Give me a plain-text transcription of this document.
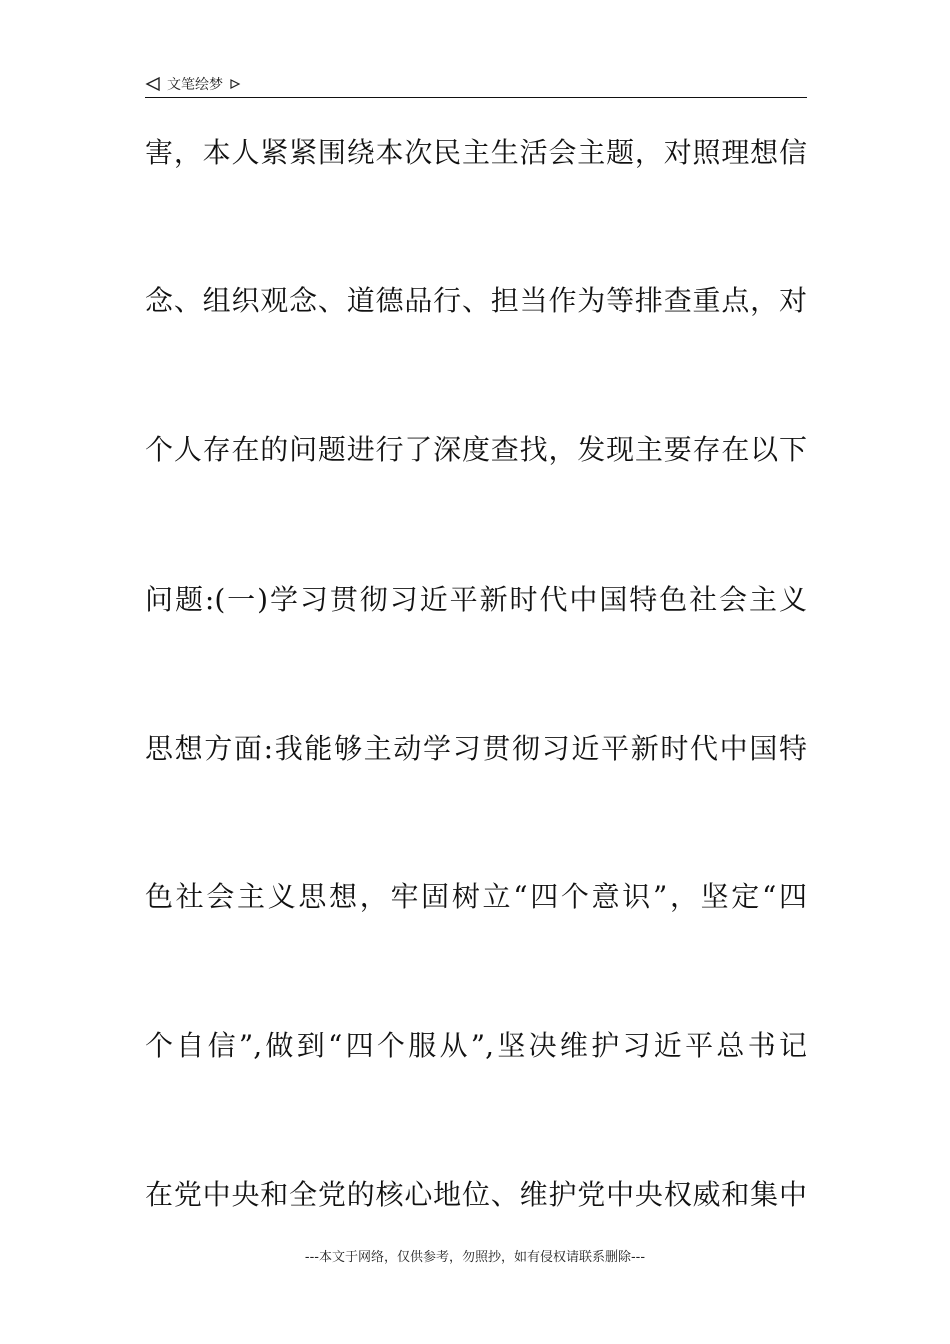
文笔绘梦
害，本人紧紧围绕本次民主生活会主题，对照理想信
念、组织观念、道德品行、担当作为等排查重点，对
个人存在的问题进行了深度查找，发现主要存在以下
问题:(一)学习贯彻习近平新时代中国特色社会主义
思想方面:我能够主动学习贯彻习近平新时代中国特
色社会主义思想，牢固树立“四个意识”，坚定“四
个自信”,做到“四个服从”,坚决维护习近平总书记
在党中央和全党的核心地位、维护党中央权威和集中
---本文于网络，仅供参考，勿照抄，如有侵权请联系删除---
